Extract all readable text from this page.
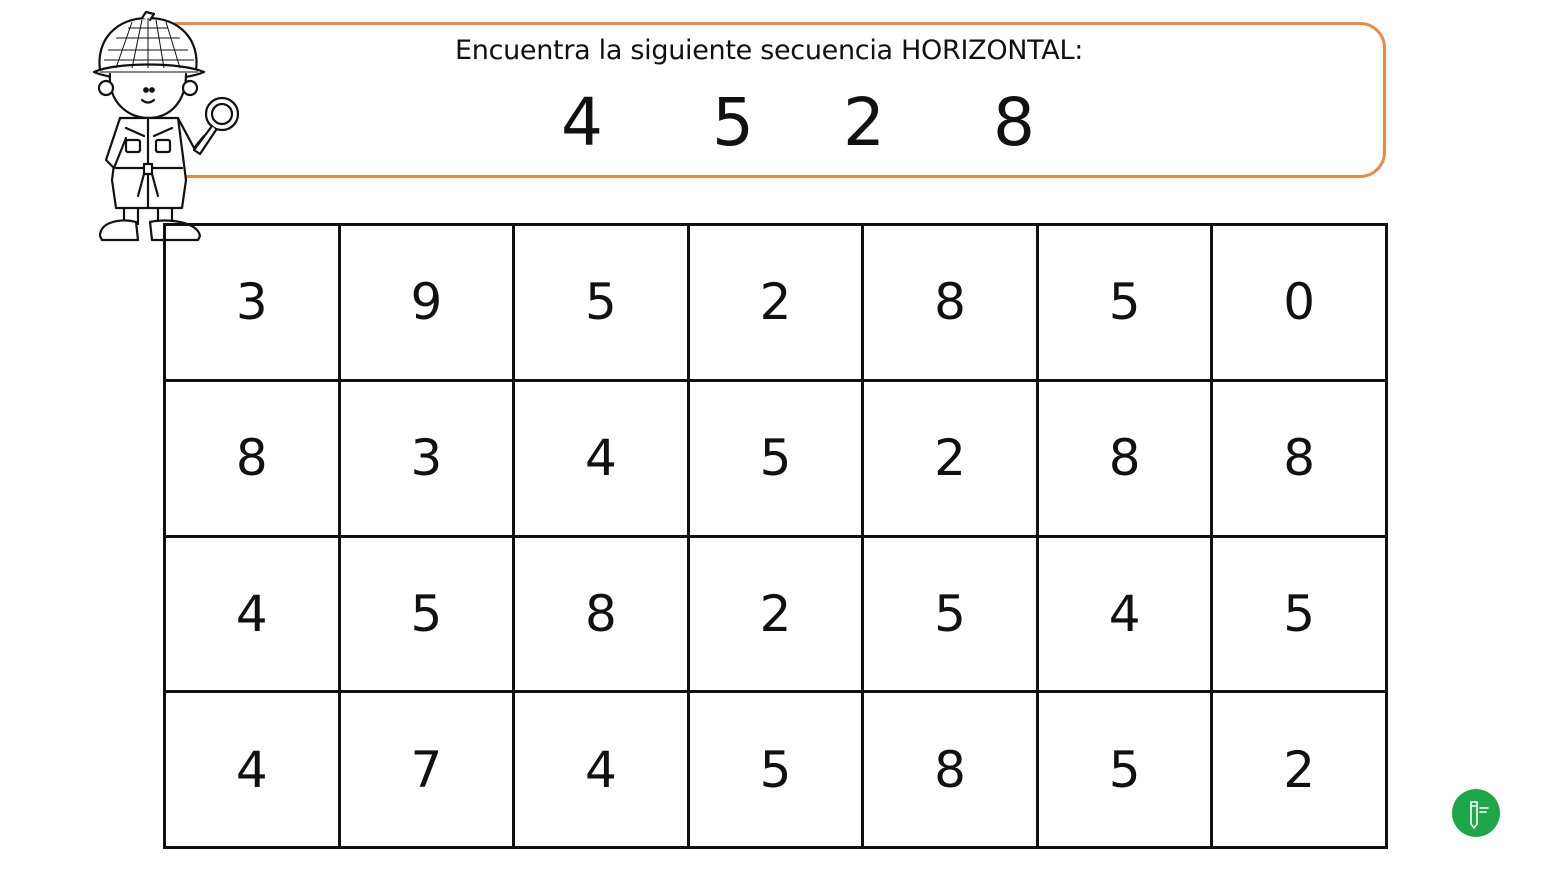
Encuentra la siguiente secuencia HORIZONTAL:
4 5 2 8
3	9	5	2	8	5	0
8	3	4	5	2	8	8
4	5	8	2	5	4	5
4	7	4	5	8	5	2
